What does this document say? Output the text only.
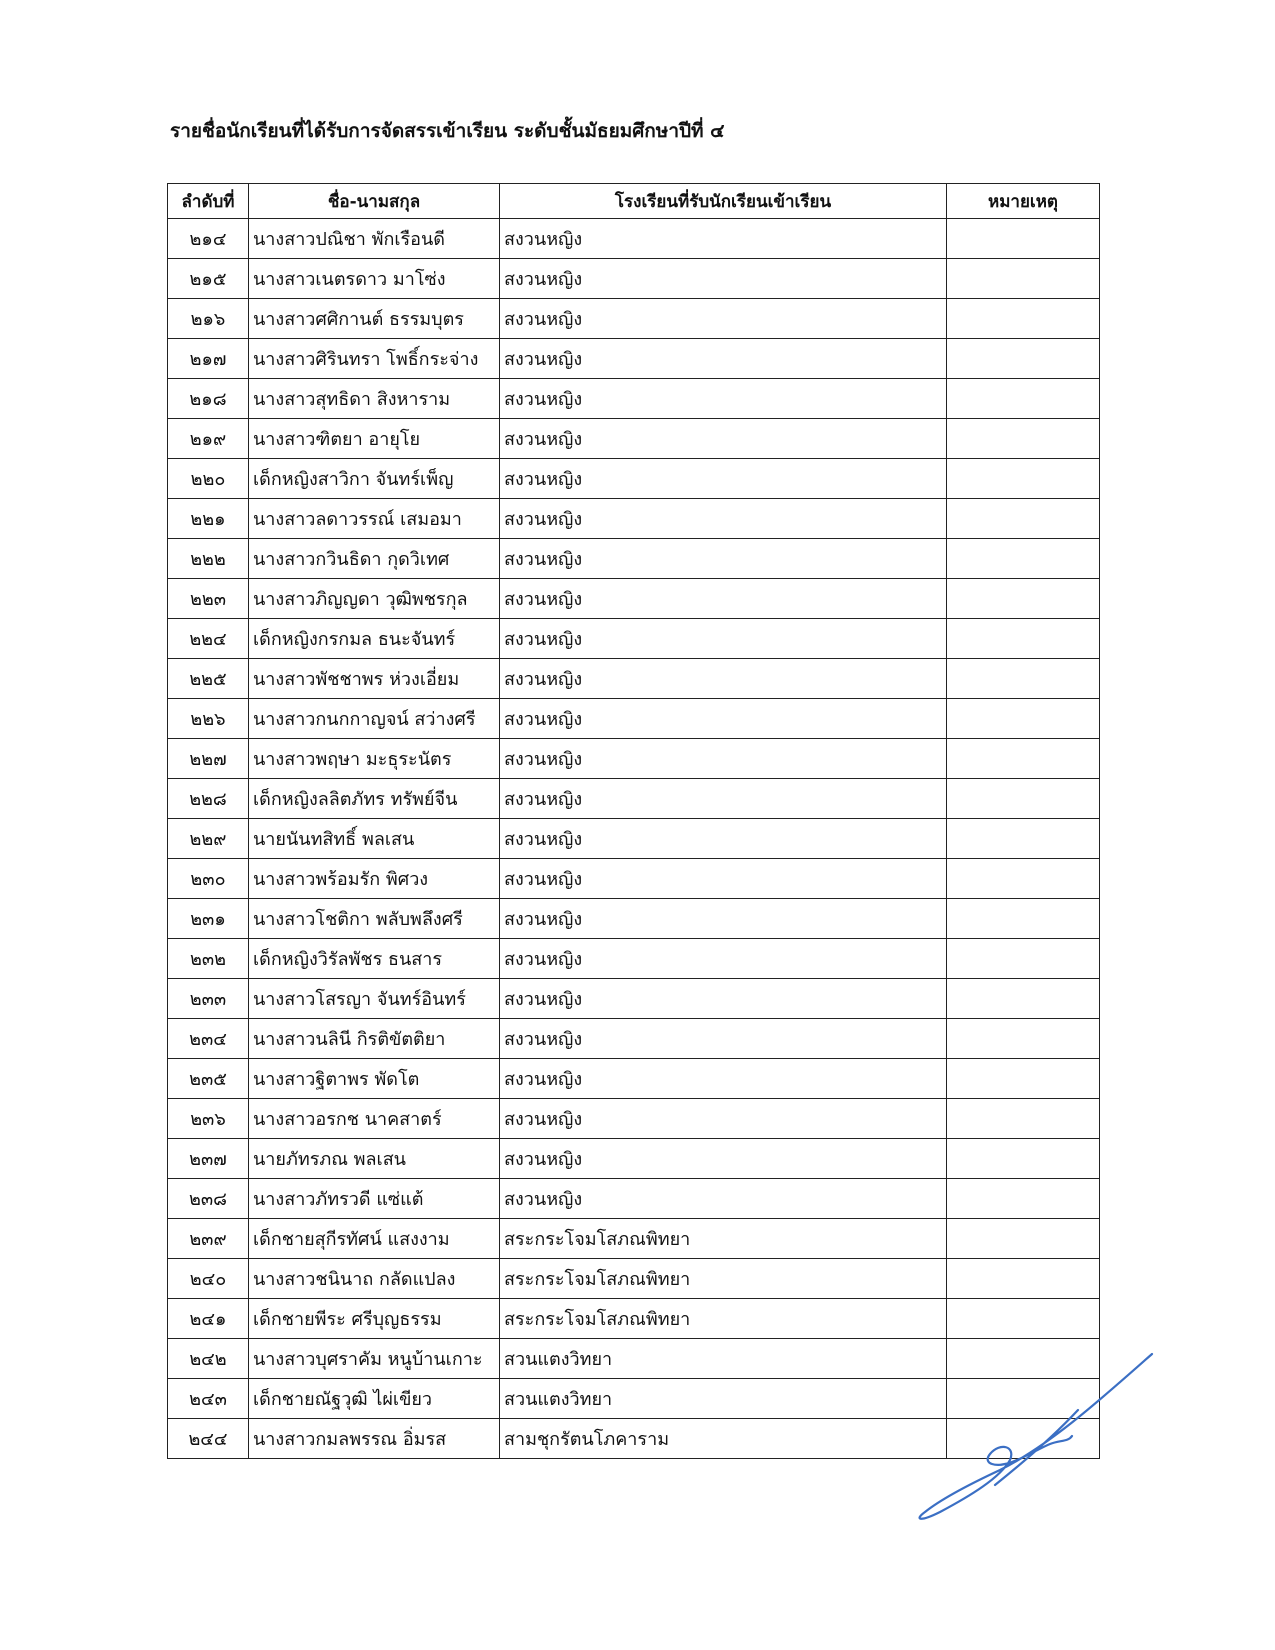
รายชื่อนักเรียนที่ได้รับการจัดสรรเข้าเรียน ระดับชั้นมัธยมศึกษาปีที่ ๔
ลำดับที่	ชื่อ-นามสกุล	โรงเรียนที่รับนักเรียนเข้าเรียน	หมายเหตุ
๒๑๔	นางสาวปณิชา พักเรือนดี	สงวนหญิง	
๒๑๕	นางสาวเนตรดาว มาโซ่ง	สงวนหญิง	
๒๑๖	นางสาวศศิกานต์ ธรรมบุตร	สงวนหญิง	
๒๑๗	นางสาวศิรินทรา โพธิ์กระจ่าง	สงวนหญิง	
๒๑๘	นางสาวสุทธิดา สิงหาราม	สงวนหญิง	
๒๑๙	นางสาวฑิตยา อายุโย	สงวนหญิง	
๒๒๐	เด็กหญิงสาวิกา จันทร์เพ็ญ	สงวนหญิง	
๒๒๑	นางสาวลดาวรรณ์ เสมอมา	สงวนหญิง	
๒๒๒	นางสาวกวินธิดา กุดวิเทศ	สงวนหญิง	
๒๒๓	นางสาวภิญญดา วุฒิพชรกุล	สงวนหญิง	
๒๒๔	เด็กหญิงกรกมล ธนะจันทร์	สงวนหญิง	
๒๒๕	นางสาวพัชชาพร ห่วงเอี่ยม	สงวนหญิง	
๒๒๖	นางสาวกนกกาญจน์ สว่างศรี	สงวนหญิง	
๒๒๗	นางสาวพฤษา มะธุระนัตร	สงวนหญิง	
๒๒๘	เด็กหญิงลลิตภัทร ทรัพย์จีน	สงวนหญิง	
๒๒๙	นายนันทสิทธิ์ พลเสน	สงวนหญิง	
๒๓๐	นางสาวพร้อมรัก พิศวง	สงวนหญิง	
๒๓๑	นางสาวโชติกา พลับพลึงศรี	สงวนหญิง	
๒๓๒	เด็กหญิงวิรัลพัชร ธนสาร	สงวนหญิง	
๒๓๓	นางสาวโสรญา จันทร์อินทร์	สงวนหญิง	
๒๓๔	นางสาวนลินี กิรติขัตติยา	สงวนหญิง	
๒๓๕	นางสาวฐิตาพร พัดโต	สงวนหญิง	
๒๓๖	นางสาวอรกช นาคสาตร์	สงวนหญิง	
๒๓๗	นายภัทรภณ พลเสน	สงวนหญิง	
๒๓๘	นางสาวภัทรวดี แซ่แต้	สงวนหญิง	
๒๓๙	เด็กชายสุกีรทัศน์ แสงงาม	สระกระโจมโสภณพิทยา	
๒๔๐	นางสาวชนินาถ กลัดแปลง	สระกระโจมโสภณพิทยา	
๒๔๑	เด็กชายพีระ ศรีบุญธรรม	สระกระโจมโสภณพิทยา	
๒๔๒	นางสาวบุศราคัม หนูบ้านเกาะ	สวนแตงวิทยา	
๒๔๓	เด็กชายณัฐวุฒิ ไผ่เขียว	สวนแตงวิทยา	
๒๔๔	นางสาวกมลพรรณ อิ่มรส	สามชุกรัตนโภคาราม	
